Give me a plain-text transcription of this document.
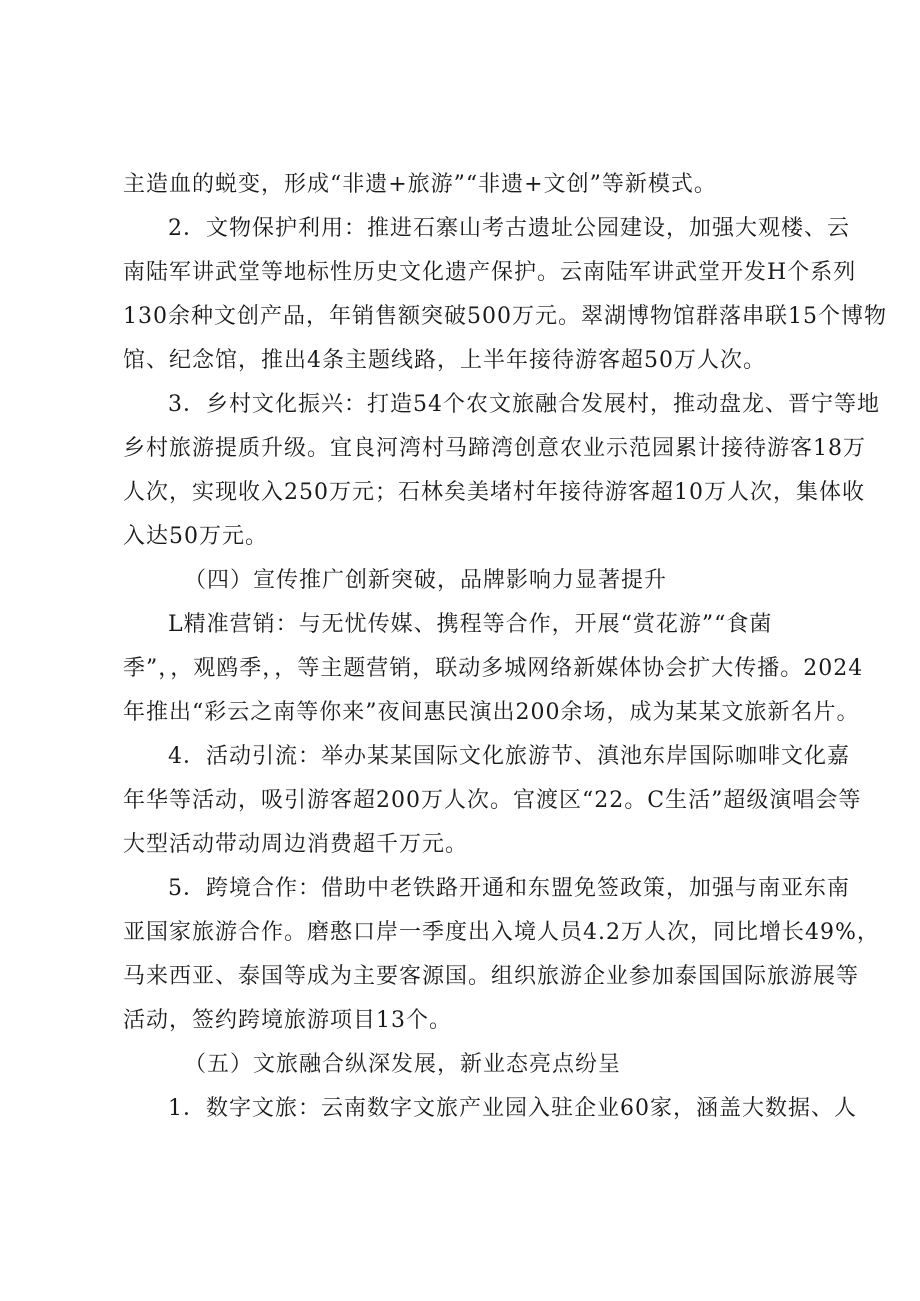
主造血的蜕变，形成“非遗+旅游”“非遗+文创”等新模式。
2．文物保护利用：推进石寨山考古遗址公园建设，加强大观楼、云
南陆军讲武堂等地标性历史文化遗产保护。云南陆军讲武堂开发H个系列
130余种文创产品，年销售额突破500万元。翠湖博物馆群落串联15个博物
馆、纪念馆，推出4条主题线路，上半年接待游客超50万人次。
3．乡村文化振兴：打造54个农文旅融合发展村，推动盘龙、晋宁等地
乡村旅游提质升级。宜良河湾村马蹄湾创意农业示范园累计接待游客18万
人次，实现收入250万元；石林矣美堵村年接待游客超10万人次，集体收
入达50万元。
（四）宣传推广创新突破，品牌影响力显著提升
L精准营销：与无忧传媒、携程等合作，开展“赏花游”“食菌
季”，，观鸥季，，等主题营销，联动多城网络新媒体协会扩大传播。2024
年推出“彩云之南等你来”夜间惠民演出200余场，成为某某文旅新名片。
4．活动引流：举办某某国际文化旅游节、滇池东岸国际咖啡文化嘉
年华等活动，吸引游客超200万人次。官渡区“22。C生活”超级演唱会等
大型活动带动周边消费超千万元。
5．跨境合作：借助中老铁路开通和东盟免签政策，加强与南亚东南
亚国家旅游合作。磨憨口岸一季度出入境人员4.2万人次，同比增长49%，
马来西亚、泰国等成为主要客源国。组织旅游企业参加泰国国际旅游展等
活动，签约跨境旅游项目13个。
（五）文旅融合纵深发展，新业态亮点纷呈
1．数字文旅：云南数字文旅产业园入驻企业60家，涵盖大数据、人
